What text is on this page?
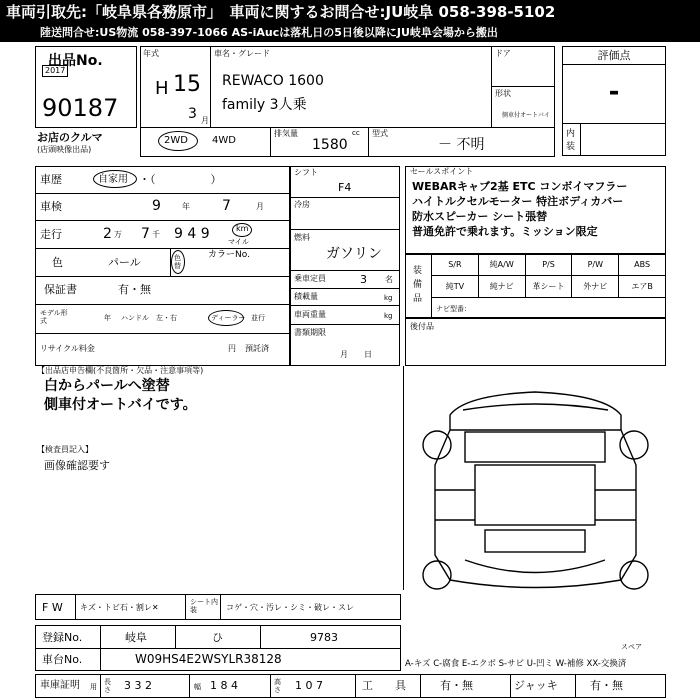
車両引取先:「岐阜県各務原市」　車両に関するお問合せ:JU岐阜 058-398-5102
陸送問合せ:US物流 058-397-1066 AS-iAucは落札日の5日後以降にJU岐阜会場から搬出
出品No.
2017
90187
お店のクルマ
(店頭映像出品)
年式
H 15
3 月
車名・グレード
REWACO 1600
family 3人乗
ドア
形状
側車付オートバイ
評価点
-
内装
2WD 4WD
排気量	cc
1580
型式
－ 不明
車歴	自家用 ・（　　　　　）
車検	9	年 7	月
走行	2 万 7 千 9 4 9	km
マイル
色	パール	色替
カラーNo.
保証書	有・無
モデル形式	年 ハンドル　左・右	ディーラー 並行
リサイクル料金	円 預託済
シフト
F4
冷房
燃料
ガソリン
乗車定員	3 名
積載量	kg
車両重量	kg
書類期限
月　　日
セールスポイント
WEBARキャブ2基 ETC コンボイマフラー
ハイトルクセルモーター 特注ボディカバー
防水スピーカー シート張替
普通免許で乗れます。ミッション限定
装備品
S/R	純A/W	P/S	P/W	ABS
純TV	純ナビ	革シート	外ナビ	エアB
ナビ型番：
後付品
【出品店申告欄(不良箇所・欠品・注意事項等)
白からパールへ塗替
側車付オートバイです。
【検査員記入】
画像確認要す
F W キズ・トビ石・割レ✕
シート内装	コゲ・穴・汚レ・シミ・破レ・スレ
登録No.	岐阜	ひ	9783
車台No.	W09HS4E2WSYLR38128	A-キズ C-腐食 E-エクボ S-サビ U-凹ミ W-補修 XX-交換済
スペア
車庫証明 用
長さ 3 3 2	幅 1 8 4	高さ 1 0 7	工　　具	有・無	ジャッキ	有・無
